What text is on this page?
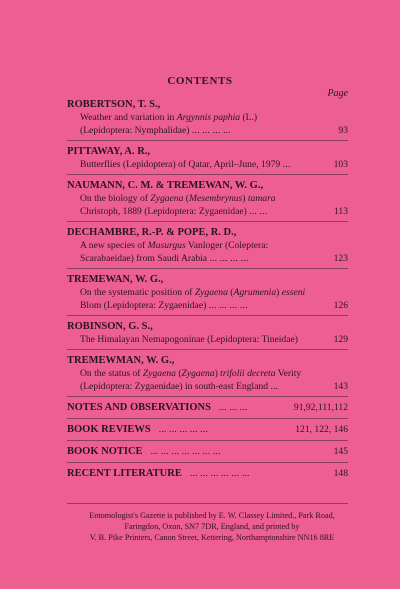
CONTENTS
Page
ROBERTSON, T. S.,
Weather and variation in Argynnis paphia (L.)
(Lepidoptera: Nymphalidae) ... ... ... ...	93
PITTAWAY, A. R.,
Butterflies (Lepidoptera) of Qatar, April–June, 1979 ...	103
NAUMANN, C. M. & TREMEWAN, W. G.,
On the biology of Zygaena (Mesembrynus) tamara
Christoph, 1889 (Lepidoptera: Zygaenidae) ... ...	113
DECHAMBRE, R.-P. & POPE, R. D.,
A new species of Musurgus Vanloger (Coleptera:
Scarabaeidae) from Saudi Arabia ... ... ... ...	123
TREMEWAN, W. G.,
On the systematic position of Zygaena (Agrumenia) esseni
Blom (Lepidoptera: Zygaenidae) ... ... ... ...	126
ROBINSON, G. S.,
The Himalayan Nemapogoninae (Lepidoptera: Tineidae)	129
TREMEWMAN, W. G.,
On the status of Zygaena (Zygaena) trifolii decreta Verity
(Lepidoptera: Zygaenidae) in south-east England ...	143
NOTES AND OBSERVATIONS ... ... ...	91,92,111,112
BOOK REVIEWS ... ... ... ... ...	121, 122, 146
BOOK NOTICE ... ... ... ... ... ... ...	145
RECENT LITERATURE ... ... ... ... ... ...	148
Entomologist's Gazette is published by E. W. Classey Limited., Park Road,
Faringdon, Oxon, SN7 7DR, England, and printed by
V. B. Pike Printers, Canon Street, Kettering, Northamptonshire NN16 8RE
